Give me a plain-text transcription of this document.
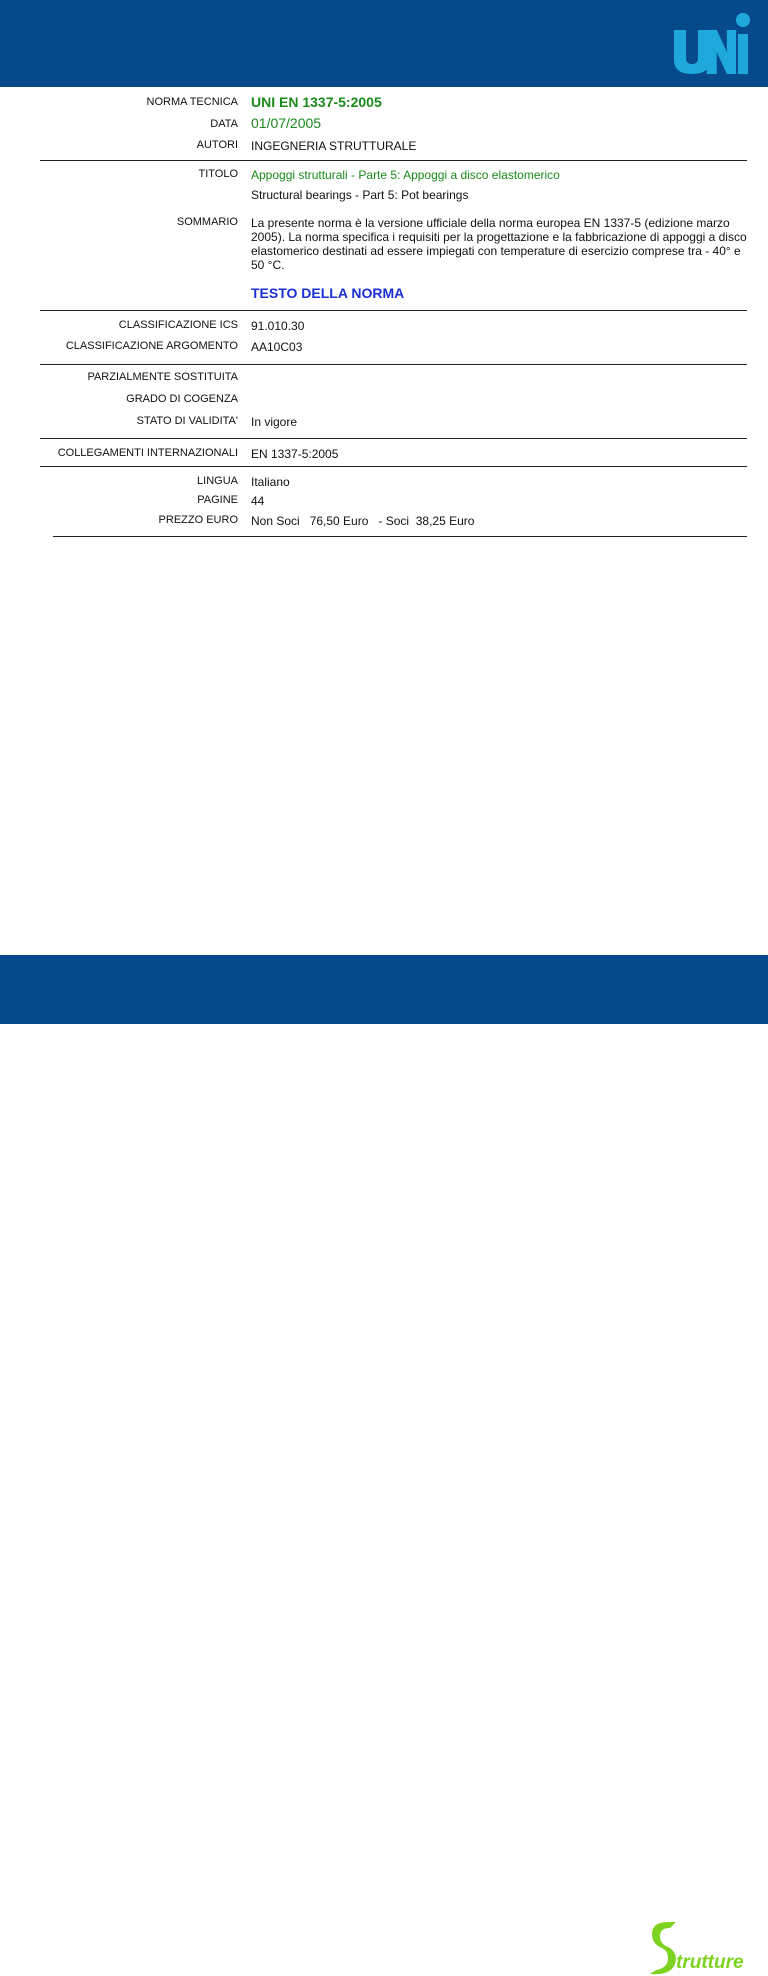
NORMA TECNICA UNI EN 1337-5:2005
DATA 01/07/2005
AUTORI INGEGNERIA STRUTTURALE
TITOLO Appoggi strutturali - Parte 5: Appoggi a disco elastomerico
Structural bearings - Part 5: Pot bearings
SOMMARIO La presente norma è la versione ufficiale della norma europea EN 1337-5 (edizione marzo 2005). La norma specifica i requisiti per la progettazione e la fabbricazione di appoggi a disco elastomerico destinati ad essere impiegati con temperature di esercizio comprese tra - 40° e 50 °C.
TESTO DELLA NORMA
CLASSIFICAZIONE ICS 91.010.30
CLASSIFICAZIONE ARGOMENTO AA10C03
PARZIALMENTE SOSTITUITA
GRADO DI COGENZA
STATO DI VALIDITA' In vigore
COLLEGAMENTI INTERNAZIONALI EN 1337-5:2005
LINGUA Italiano
PAGINE 44
PREZZO EURO Non Soci   76,50 Euro   - Soci  38,25 Euro
UNIedil
trutture
